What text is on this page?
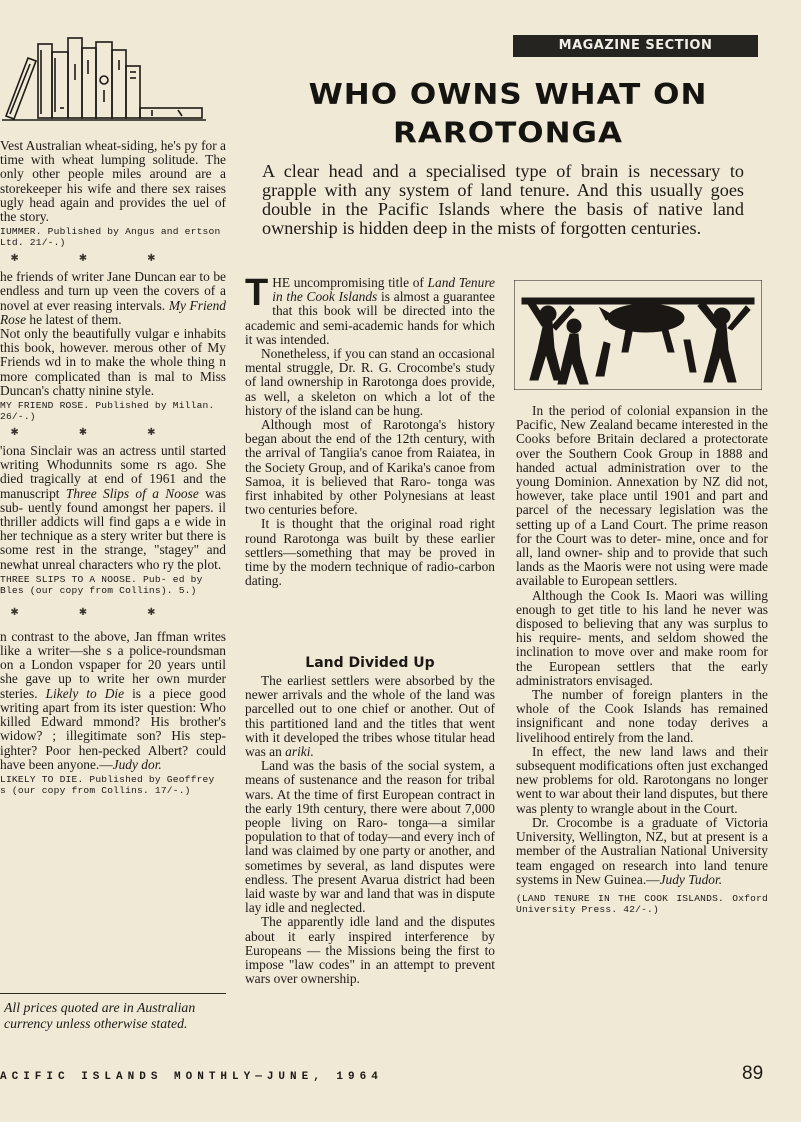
MAGAZINE SECTION
WHO OWNS WHAT ON
RAROTONGA

A clear head and a specialised type of brain is necessary to grapple with any system of land tenure. And this usually goes double in the Pacific Islands where the basis of native land ownership is hidden deep in the mists of forgotten centuries.

Vest Australian wheat-siding, he's py for a time with wheat lumping solitude. The only other people miles around are a storekeeper his wife and there sex raises ugly head again and provides the uel of the story.

IUMMER. Published by Angus and ertson Ltd. 21/-.)

✱✱✱

he friends of writer Jane Duncan ear to be endless and turn up veen the covers of a novel at ever reasing intervals. My Friend Rose he latest of them.

Not only the beautifully vulgar e inhabits this book, however. merous other of My Friends wd in to make the whole thing n more complicated than is mal to Miss Duncan's chatty ninine style.

MY FRIEND ROSE. Published by Millan. 26/-.)

✱✱✱

'iona Sinclair was an actress until started writing Whodunnits some rs ago. She died tragically at end of 1961 and the manuscript Three Slips of a Noose was sub- uently found amongst her papers. il thriller addicts will find gaps a e wide in her technique as a stery writer but there is some rest in the strange, "stagey" and newhat unreal characters who ry the plot.

THREE SLIPS TO A NOOSE. Pub- ed by Bles (our copy from Collins). 5.)

✱✱✱

n contrast to the above, Jan ffman writes like a writer—she s a police-roundsman on a London vspaper for 20 years until she gave up to write her own murder steries. Likely to Die is a piece good writing apart from its ister question: Who killed Edward mmond? His brother's widow? ; illegitimate son? His step- ighter? Poor hen-pecked Albert? could have been anyone.—Judy dor.

LIKELY TO DIE. Published by Geoffrey s (our copy from Collins. 17/-.)

All prices quoted are in Australian currency unless otherwise stated.

THE uncompromising title of Land Tenure in the Cook Islands is almost a guarantee that this book will be directed into the academic and semi-academic hands for which it was intended.

Nonetheless, if you can stand an occasional mental struggle, Dr. R. G. Crocombe's study of land ownership in Rarotonga does provide, as well, a skeleton on which a lot of the history of the island can be hung.

Although most of Rarotonga's history began about the end of the 12th century, with the arrival of Tangiia's canoe from Raiatea, in the Society Group, and of Karika's canoe from Samoa, it is believed that Raro- tonga was first inhabited by other Polynesians at least two centuries before.

It is thought that the original road right round Rarotonga was built by these earlier settlers—something that may be proved in time by the modern technique of radio-carbon dating.

Land Divided Up

The earliest settlers were absorbed by the newer arrivals and the whole of the land was parcelled out to one chief or another. Out of this partitioned land and the titles that went with it developed the tribes whose titular head was an ariki.

Land was the basis of the social system, a means of sustenance and the reason for tribal wars. At the time of first European contract in the early 19th century, there were about 7,000 people living on Raro- tonga—a similar population to that of today—and every inch of land was claimed by one party or another, and sometimes by several, as land disputes were endless. The present Avarua district had been laid waste by war and land that was in dispute lay idle and neglected.

The apparently idle land and the disputes about it early inspired interference by Europeans — the Missions being the first to impose "law codes" in an attempt to prevent wars over ownership.

In the period of colonial expansion in the Pacific, New Zealand became interested in the Cooks before Britain declared a protectorate over the Southern Cook Group in 1888 and handed actual administration over to the young Dominion. Annexation by NZ did not, however, take place until 1901 and part and parcel of the necessary legislation was the setting up of a Land Court. The prime reason for the Court was to deter- mine, once and for all, land owner- ship and to provide that such lands as the Maoris were not using were made available to European settlers.

Although the Cook Is. Maori was willing enough to get title to his land he never was disposed to believing that any was surplus to his require- ments, and seldom showed the inclination to move over and make room for the European settlers that the early administrators envisaged.

The number of foreign planters in the whole of the Cook Islands has remained insignificant and none today derives a livelihood entirely from the land.

In effect, the new land laws and their subsequent modifications often just exchanged new problems for old. Rarotongans no longer went to war about their land disputes, but there was plenty to wrangle about in the Court.

Dr. Crocombe is a graduate of Victoria University, Wellington, NZ, but at present is a member of the Australian National University team engaged on research into land tenure systems in New Guinea.—Judy Tudor.

(LAND TENURE IN THE COOK ISLANDS. Oxford University Press. 42/-.)

ACIFIC ISLANDS MONTHLY—JUNE, 1964	89
